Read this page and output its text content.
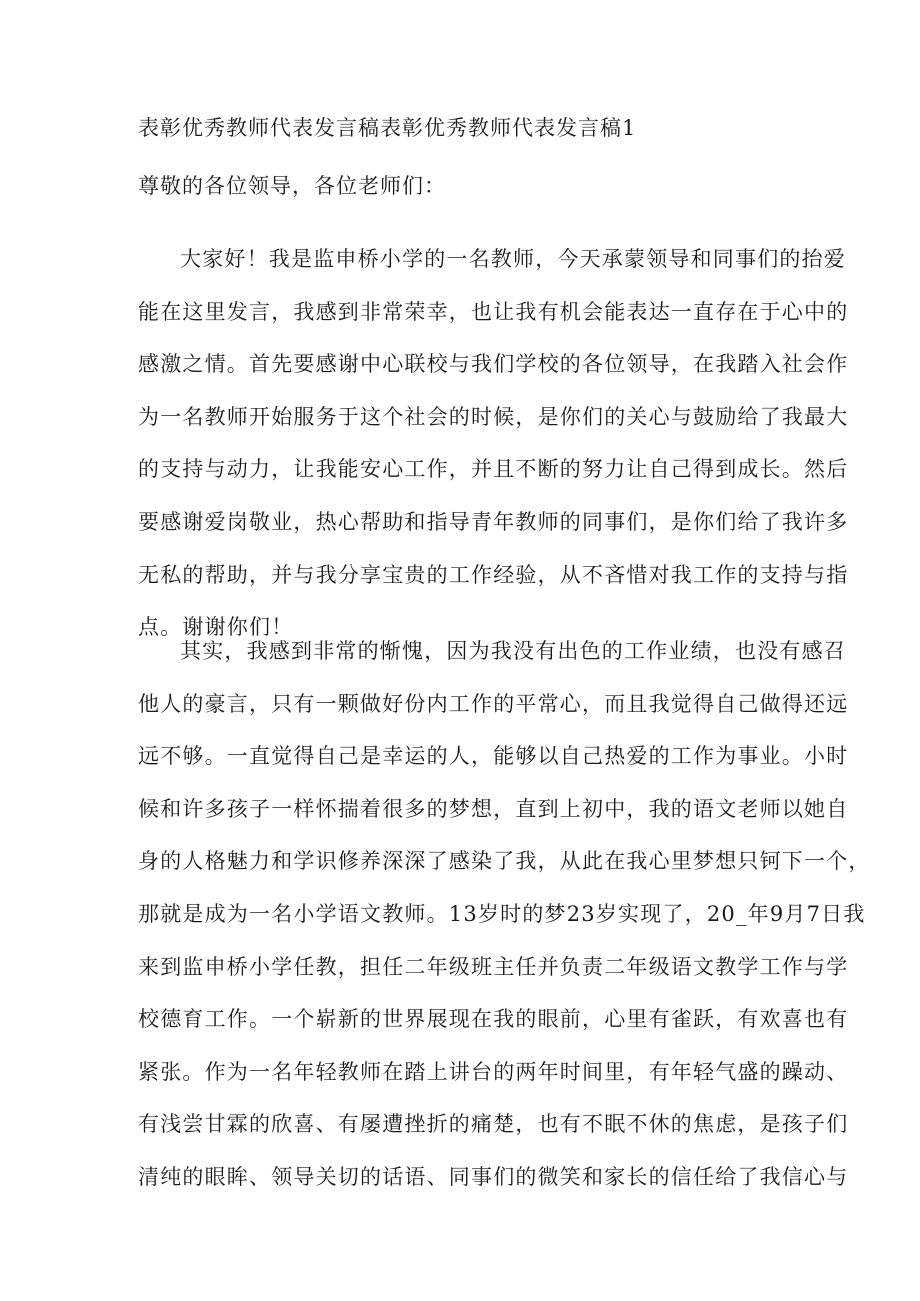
表彰优秀教师代表发言稿表彰优秀教师代表发言稿1
尊敬的各位领导，各位老师们：
大家好！我是监申桥小学的一名教师，今天承蒙领导和同事们的抬爱
能在这里发言，我感到非常荣幸，也让我有机会能表达一直存在于心中的
感激之情。首先要感谢中心联校与我们学校的各位领导，在我踏入社会作
为一名教师开始服务于这个社会的时候，是你们的关心与鼓励给了我最大
的支持与动力，让我能安心工作，并且不断的努力让自己得到成长。然后
要感谢爱岗敬业，热心帮助和指导青年教师的同事们，是你们给了我许多
无私的帮助，并与我分享宝贵的工作经验，从不吝惜对我工作的支持与指
点。谢谢你们！
其实，我感到非常的惭愧，因为我没有出色的工作业绩，也没有感召
他人的豪言，只有一颗做好份内工作的平常心，而且我觉得自己做得还远
远不够。一直觉得自己是幸运的人，能够以自己热爱的工作为事业。小时
候和许多孩子一样怀揣着很多的梦想，直到上初中，我的语文老师以她自
身的人格魅力和学识修养深深了感染了我，从此在我心里梦想只钶下一个，
那就是成为一名小学语文教师。13岁时的梦23岁实现了，20_年9月7日我
来到监申桥小学任教，担任二年级班主任并负责二年级语文教学工作与学
校德育工作。一个崭新的世界展现在我的眼前，心里有雀跃，有欢喜也有
紧张。作为一名年轻教师在踏上讲台的两年时间里，有年轻气盛的躁动、
有浅尝甘霖的欣喜、有屡遭挫折的痛楚，也有不眠不休的焦虑，是孩子们
清纯的眼眸、领导关切的话语、同事们的微笑和家长的信任给了我信心与
